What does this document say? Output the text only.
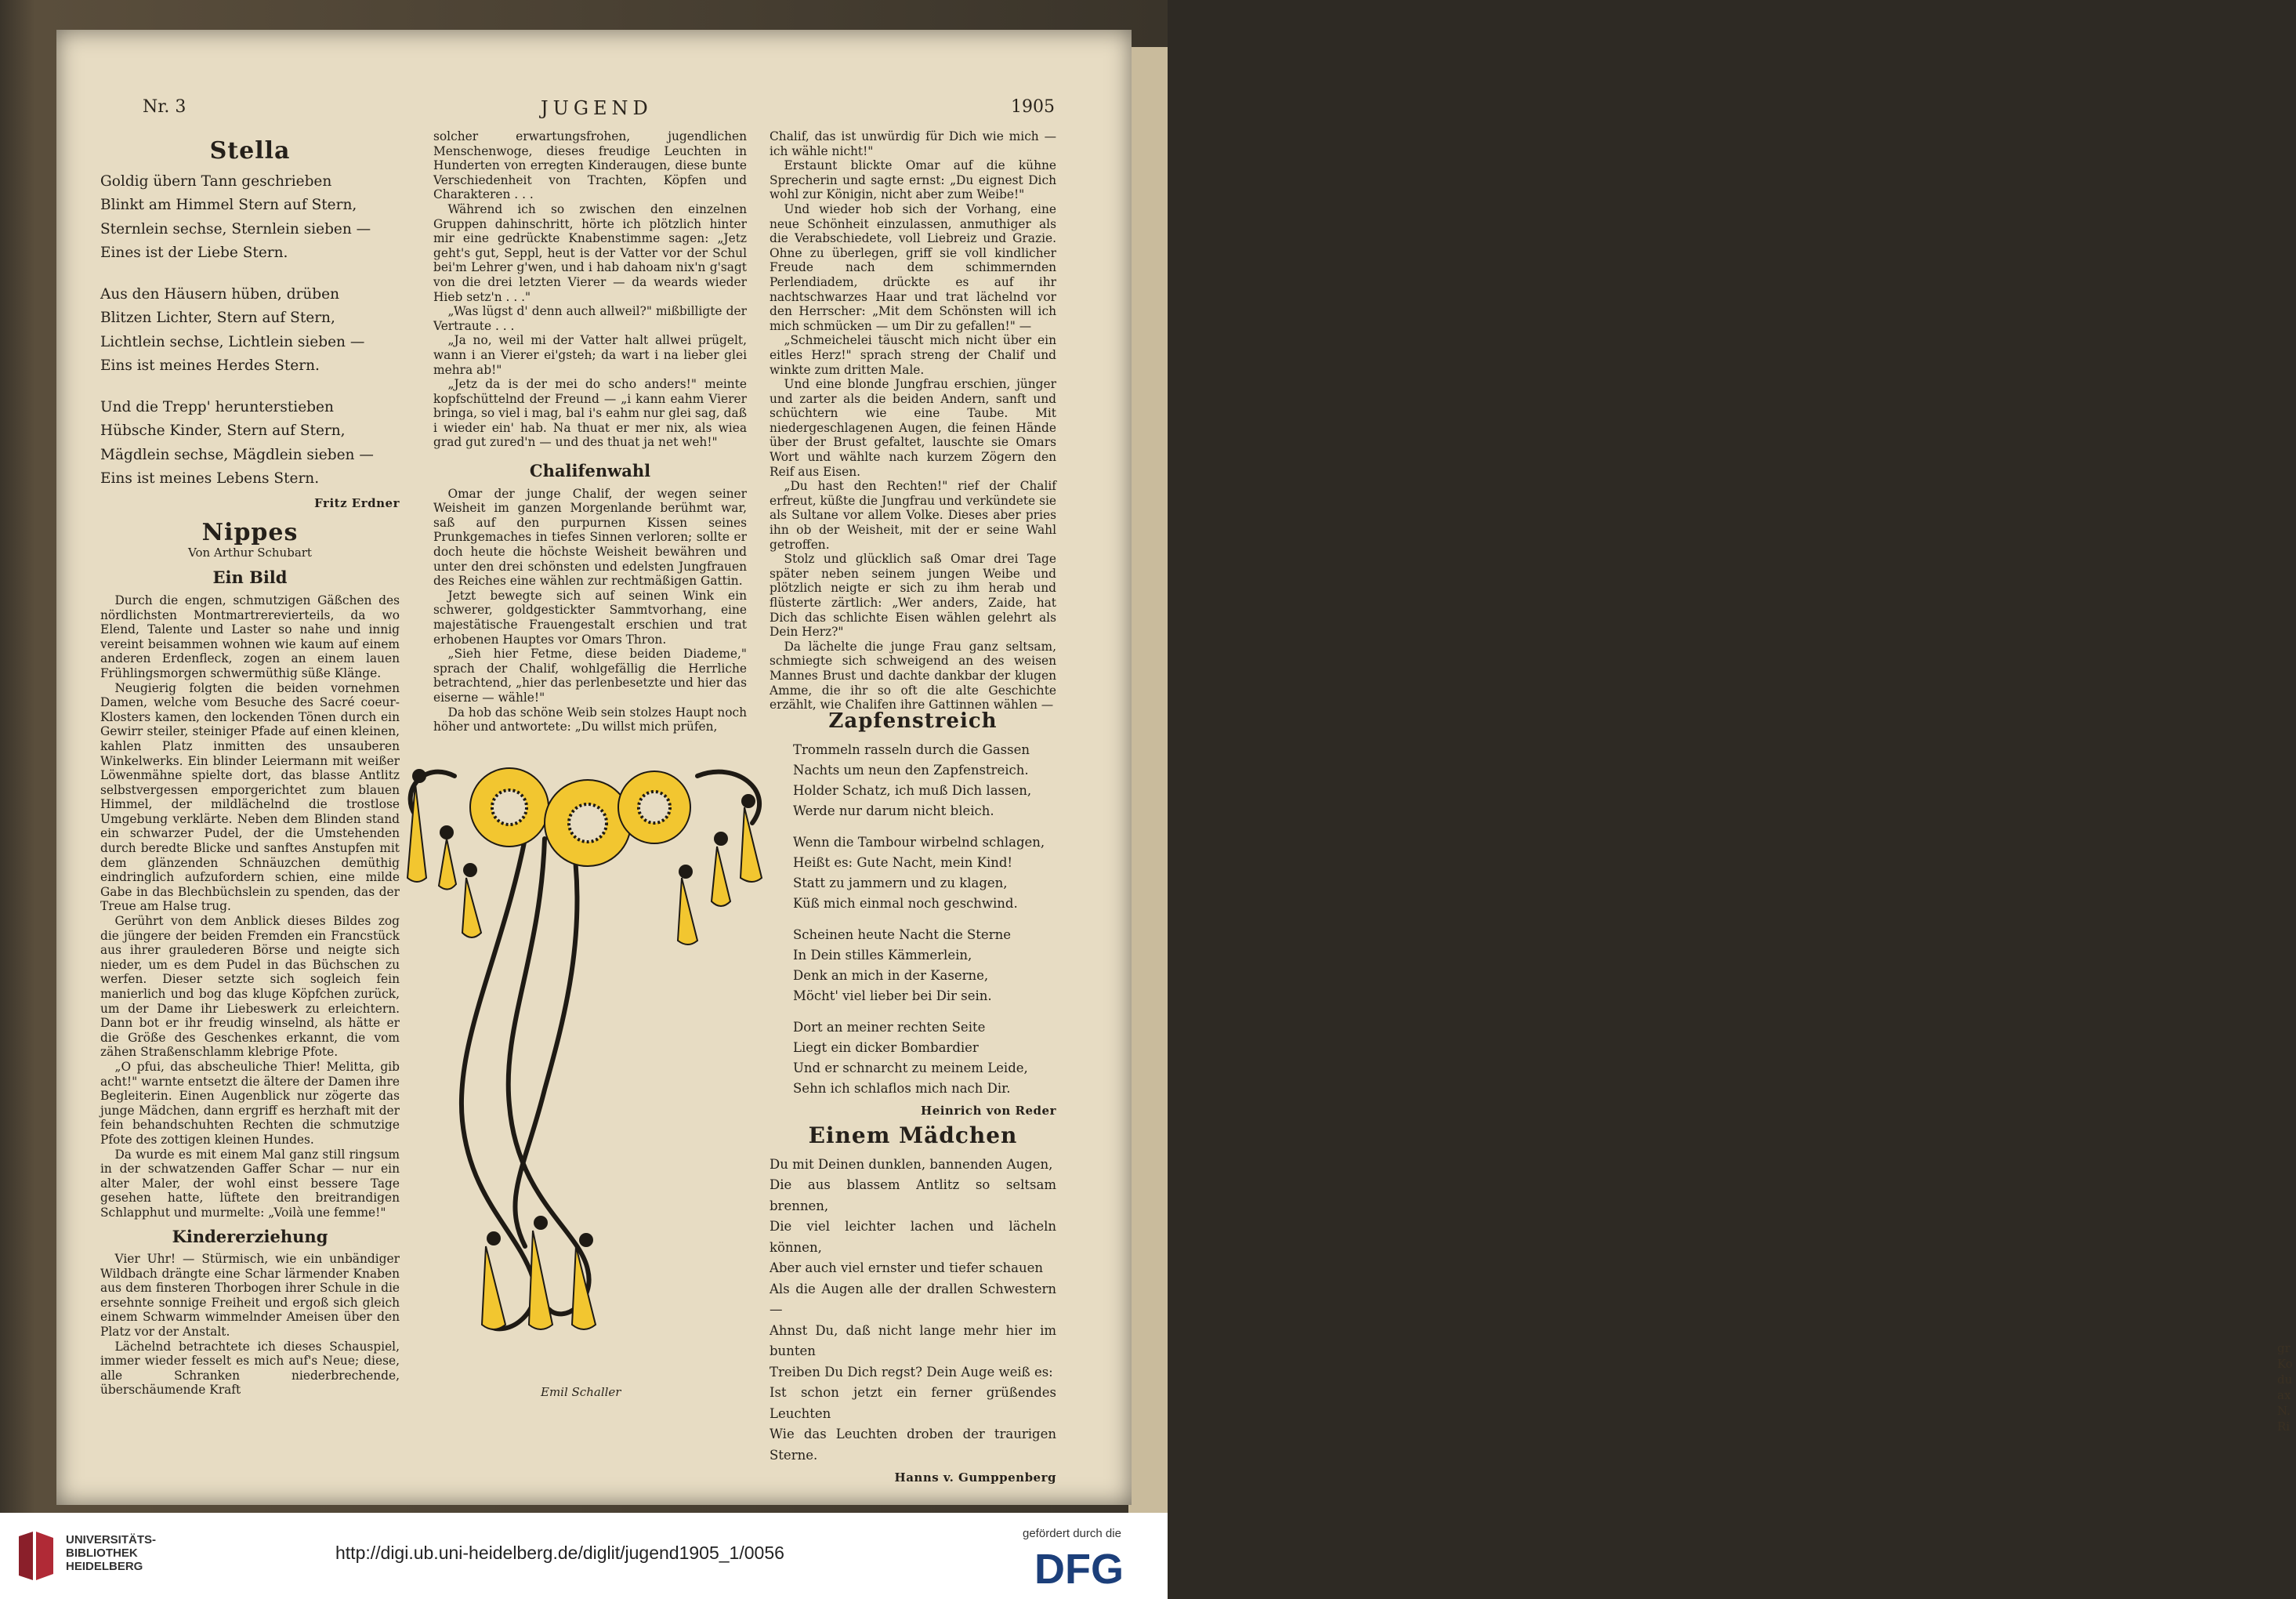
gr
Ko
du
ax
N.
Ri
Nr. 3	JUGEND	1905
Stella
Goldig übern Tann geschrieben
Blinkt am Himmel Stern auf Stern,
Sternlein sechse, Sternlein sieben —
Eines ist der Liebe Stern.
Aus den Häusern hüben, drüben
Blitzen Lichter, Stern auf Stern,
Lichtlein sechse, Lichtlein sieben —
Eins ist meines Herdes Stern.
Und die Trepp' herunterstieben
Hübsche Kinder, Stern auf Stern,
Mägdlein sechse, Mägdlein sieben —
Eins ist meines Lebens Stern.
Fritz Erdner
Nippes
Von Arthur Schubart
Ein Bild

Durch die engen, schmutzigen Gäßchen des nördlichsten Montmartrerevierteils, da wo Elend, Talente und Laster so nahe und innig vereint beisammen wohnen wie kaum auf einem anderen Erdenfleck, zogen an einem lauen Frühlingsmorgen schwermüthig süße Klänge.

Neugierig folgten die beiden vornehmen Damen, welche vom Besuche des Sacré coeur-Klosters kamen, den lockenden Tönen durch ein Gewirr steiler, steiniger Pfade auf einen kleinen, kahlen Platz inmitten des unsauberen Winkelwerks. Ein blinder Leiermann mit weißer Löwenmähne spielte dort, das blasse Antlitz selbstvergessen emporgerichtet zum blauen Himmel, der mildlächelnd die trostlose Umgebung verklärte. Neben dem Blinden stand ein schwarzer Pudel, der die Umstehenden durch beredte Blicke und sanftes Anstupfen mit dem glänzenden Schnäuzchen demüthig eindringlich aufzufordern schien, eine milde Gabe in das Blechbüchslein zu spenden, das der Treue am Halse trug.

Gerührt von dem Anblick dieses Bildes zog die jüngere der beiden Fremden ein Francstück aus ihrer graulederen Börse und neigte sich nieder, um es dem Pudel in das Büchschen zu werfen. Dieser setzte sich sogleich fein manierlich und bog das kluge Köpfchen zurück, um der Dame ihr Liebeswerk zu erleichtern. Dann bot er ihr freudig winselnd, als hätte er die Größe des Geschenkes erkannt, die vom zähen Straßenschlamm klebrige Pfote.

„O pfui, das abscheuliche Thier! Melitta, gib acht!" warnte entsetzt die ältere der Damen ihre Begleiterin. Einen Augenblick nur zögerte das junge Mädchen, dann ergriff es herzhaft mit der fein behandschuhten Rechten die schmutzige Pfote des zottigen kleinen Hundes.

Da wurde es mit einem Mal ganz still ringsum in der schwatzenden Gaffer Schar — nur ein alter Maler, der wohl einst bessere Tage gesehen hatte, lüftete den breitrandigen Schlapphut und murmelte: „Voilà une femme!"

Kindererziehung

Vier Uhr! — Stürmisch, wie ein unbändiger Wildbach drängte eine Schar lärmender Knaben aus dem finsteren Thorbogen ihrer Schule in die ersehnte sonnige Freiheit und ergoß sich gleich einem Schwarm wimmelnder Ameisen über den Platz vor der Anstalt.

Lächelnd betrachtete ich dieses Schauspiel, immer wieder fesselt es mich auf's Neue; diese, alle Schranken niederbrechende, überschäumende Kraft

solcher erwartungsfrohen, jugendlichen Menschenwoge, dieses freudige Leuchten in Hunderten von erregten Kinderaugen, diese bunte Verschiedenheit von Trachten, Köpfen und Charakteren . . .

Während ich so zwischen den einzelnen Gruppen dahinschritt, hörte ich plötzlich hinter mir eine gedrückte Knabenstimme sagen: „Jetz geht's gut, Seppl, heut is der Vatter vor der Schul bei'm Lehrer g'wen, und i hab dahoam nix'n g'sagt von die drei letzten Vierer — da weards wieder Hieb setz'n . . ."

„Was lügst d' denn auch allweil?" mißbilligte der Vertraute . . .

„Ja no, weil mi der Vatter halt allwei prügelt, wann i an Vierer ei'gsteh; da wart i na lieber glei mehra ab!"

„Jetz da is der mei do scho anders!" meinte kopfschüttelnd der Freund — „i kann eahm Vierer bringa, so viel i mag, bal i's eahm nur glei sag, daß i wieder ein' hab. Na thuat er mer nix, als wiea grad gut zured'n — und des thuat ja net weh!"

Chalifenwahl

Omar der junge Chalif, der wegen seiner Weisheit im ganzen Morgenlande berühmt war, saß auf den purpurnen Kissen seines Prunkgemaches in tiefes Sinnen verloren; sollte er doch heute die höchste Weisheit bewähren und unter den drei schönsten und edelsten Jungfrauen des Reiches eine wählen zur rechtmäßigen Gattin.

Jetzt bewegte sich auf seinen Wink ein schwerer, goldgestickter Sammtvorhang, eine majestätische Frauengestalt erschien und trat erhobenen Hauptes vor Omars Thron.

„Sieh hier Fetme, diese beiden Diademe," sprach der Chalif, wohlgefällig die Herrliche betrachtend, „hier das perlenbesetzte und hier das eiserne — wähle!"

Da hob das schöne Weib sein stolzes Haupt noch höher und antwortete: „Du willst mich prüfen,

Chalif, das ist unwürdig für Dich wie mich — ich wähle nicht!"

Erstaunt blickte Omar auf die kühne Sprecherin und sagte ernst: „Du eignest Dich wohl zur Königin, nicht aber zum Weibe!"

Und wieder hob sich der Vorhang, eine neue Schönheit einzulassen, anmuthiger als die Verabschiedete, voll Liebreiz und Grazie. Ohne zu überlegen, griff sie voll kindlicher Freude nach dem schimmernden Perlendiadem, drückte es auf ihr nachtschwarzes Haar und trat lächelnd vor den Herrscher: „Mit dem Schönsten will ich mich schmücken — um Dir zu gefallen!" —

„Schmeichelei täuscht mich nicht über ein eitles Herz!" sprach streng der Chalif und winkte zum dritten Male.

Und eine blonde Jungfrau erschien, jünger und zarter als die beiden Andern, sanft und schüchtern wie eine Taube. Mit niedergeschlagenen Augen, die feinen Hände über der Brust gefaltet, lauschte sie Omars Wort und wählte nach kurzem Zögern den Reif aus Eisen.

„Du hast den Rechten!" rief der Chalif erfreut, küßte die Jungfrau und verkündete sie als Sultane vor allem Volke. Dieses aber pries ihn ob der Weisheit, mit der er seine Wahl getroffen.

Stolz und glücklich saß Omar drei Tage später neben seinem jungen Weibe und plötzlich neigte er sich zu ihm herab und flüsterte zärtlich: „Wer anders, Zaide, hat Dich das schlichte Eisen wählen gelehrt als Dein Herz?"

Da lächelte die junge Frau ganz seltsam, schmiegte sich schweigend an des weisen Mannes Brust und dachte dankbar der klugen Amme, die ihr so oft die alte Geschichte erzählt, wie Chalifen ihre Gattinnen wählen —

Zapfenstreich
Trommeln rasseln durch die Gassen
Nachts um neun den Zapfenstreich.
Holder Schatz, ich muß Dich lassen,
Werde nur darum nicht bleich.
Wenn die Tambour wirbelnd schlagen,
Heißt es: Gute Nacht, mein Kind!
Statt zu jammern und zu klagen,
Küß mich einmal noch geschwind.
Scheinen heute Nacht die Sterne
In Dein stilles Kämmerlein,
Denk an mich in der Kaserne,
Möcht' viel lieber bei Dir sein.
Dort an meiner rechten Seite
Liegt ein dicker Bombardier
Und er schnarcht zu meinem Leide,
Sehn ich schlaflos mich nach Dir.
Heinrich von Reder
Einem Mädchen
Du mit Deinen dunklen, bannenden Augen,
Die aus blassem Antlitz so seltsam brennen,
Die viel leichter lachen und lächeln können,
Aber auch viel ernster und tiefer schauen
Als die Augen alle der drallen Schwestern —
Ahnst Du, daß nicht lange mehr hier im bunten
Treiben Du Dich regst? Dein Auge weiß es:
Ist schon jetzt ein ferner grüßendes Leuchten
Wie das Leuchten droben der traurigen Sterne.
Hanns v. Gumppenberg
Emil Schaller
UNIVERSITÄTS-
BIBLIOTHEK
HEIDELBERG
http://digi.ub.uni-heidelberg.de/diglit/jugend1905_1/0056
gefördert durch die
DFG
